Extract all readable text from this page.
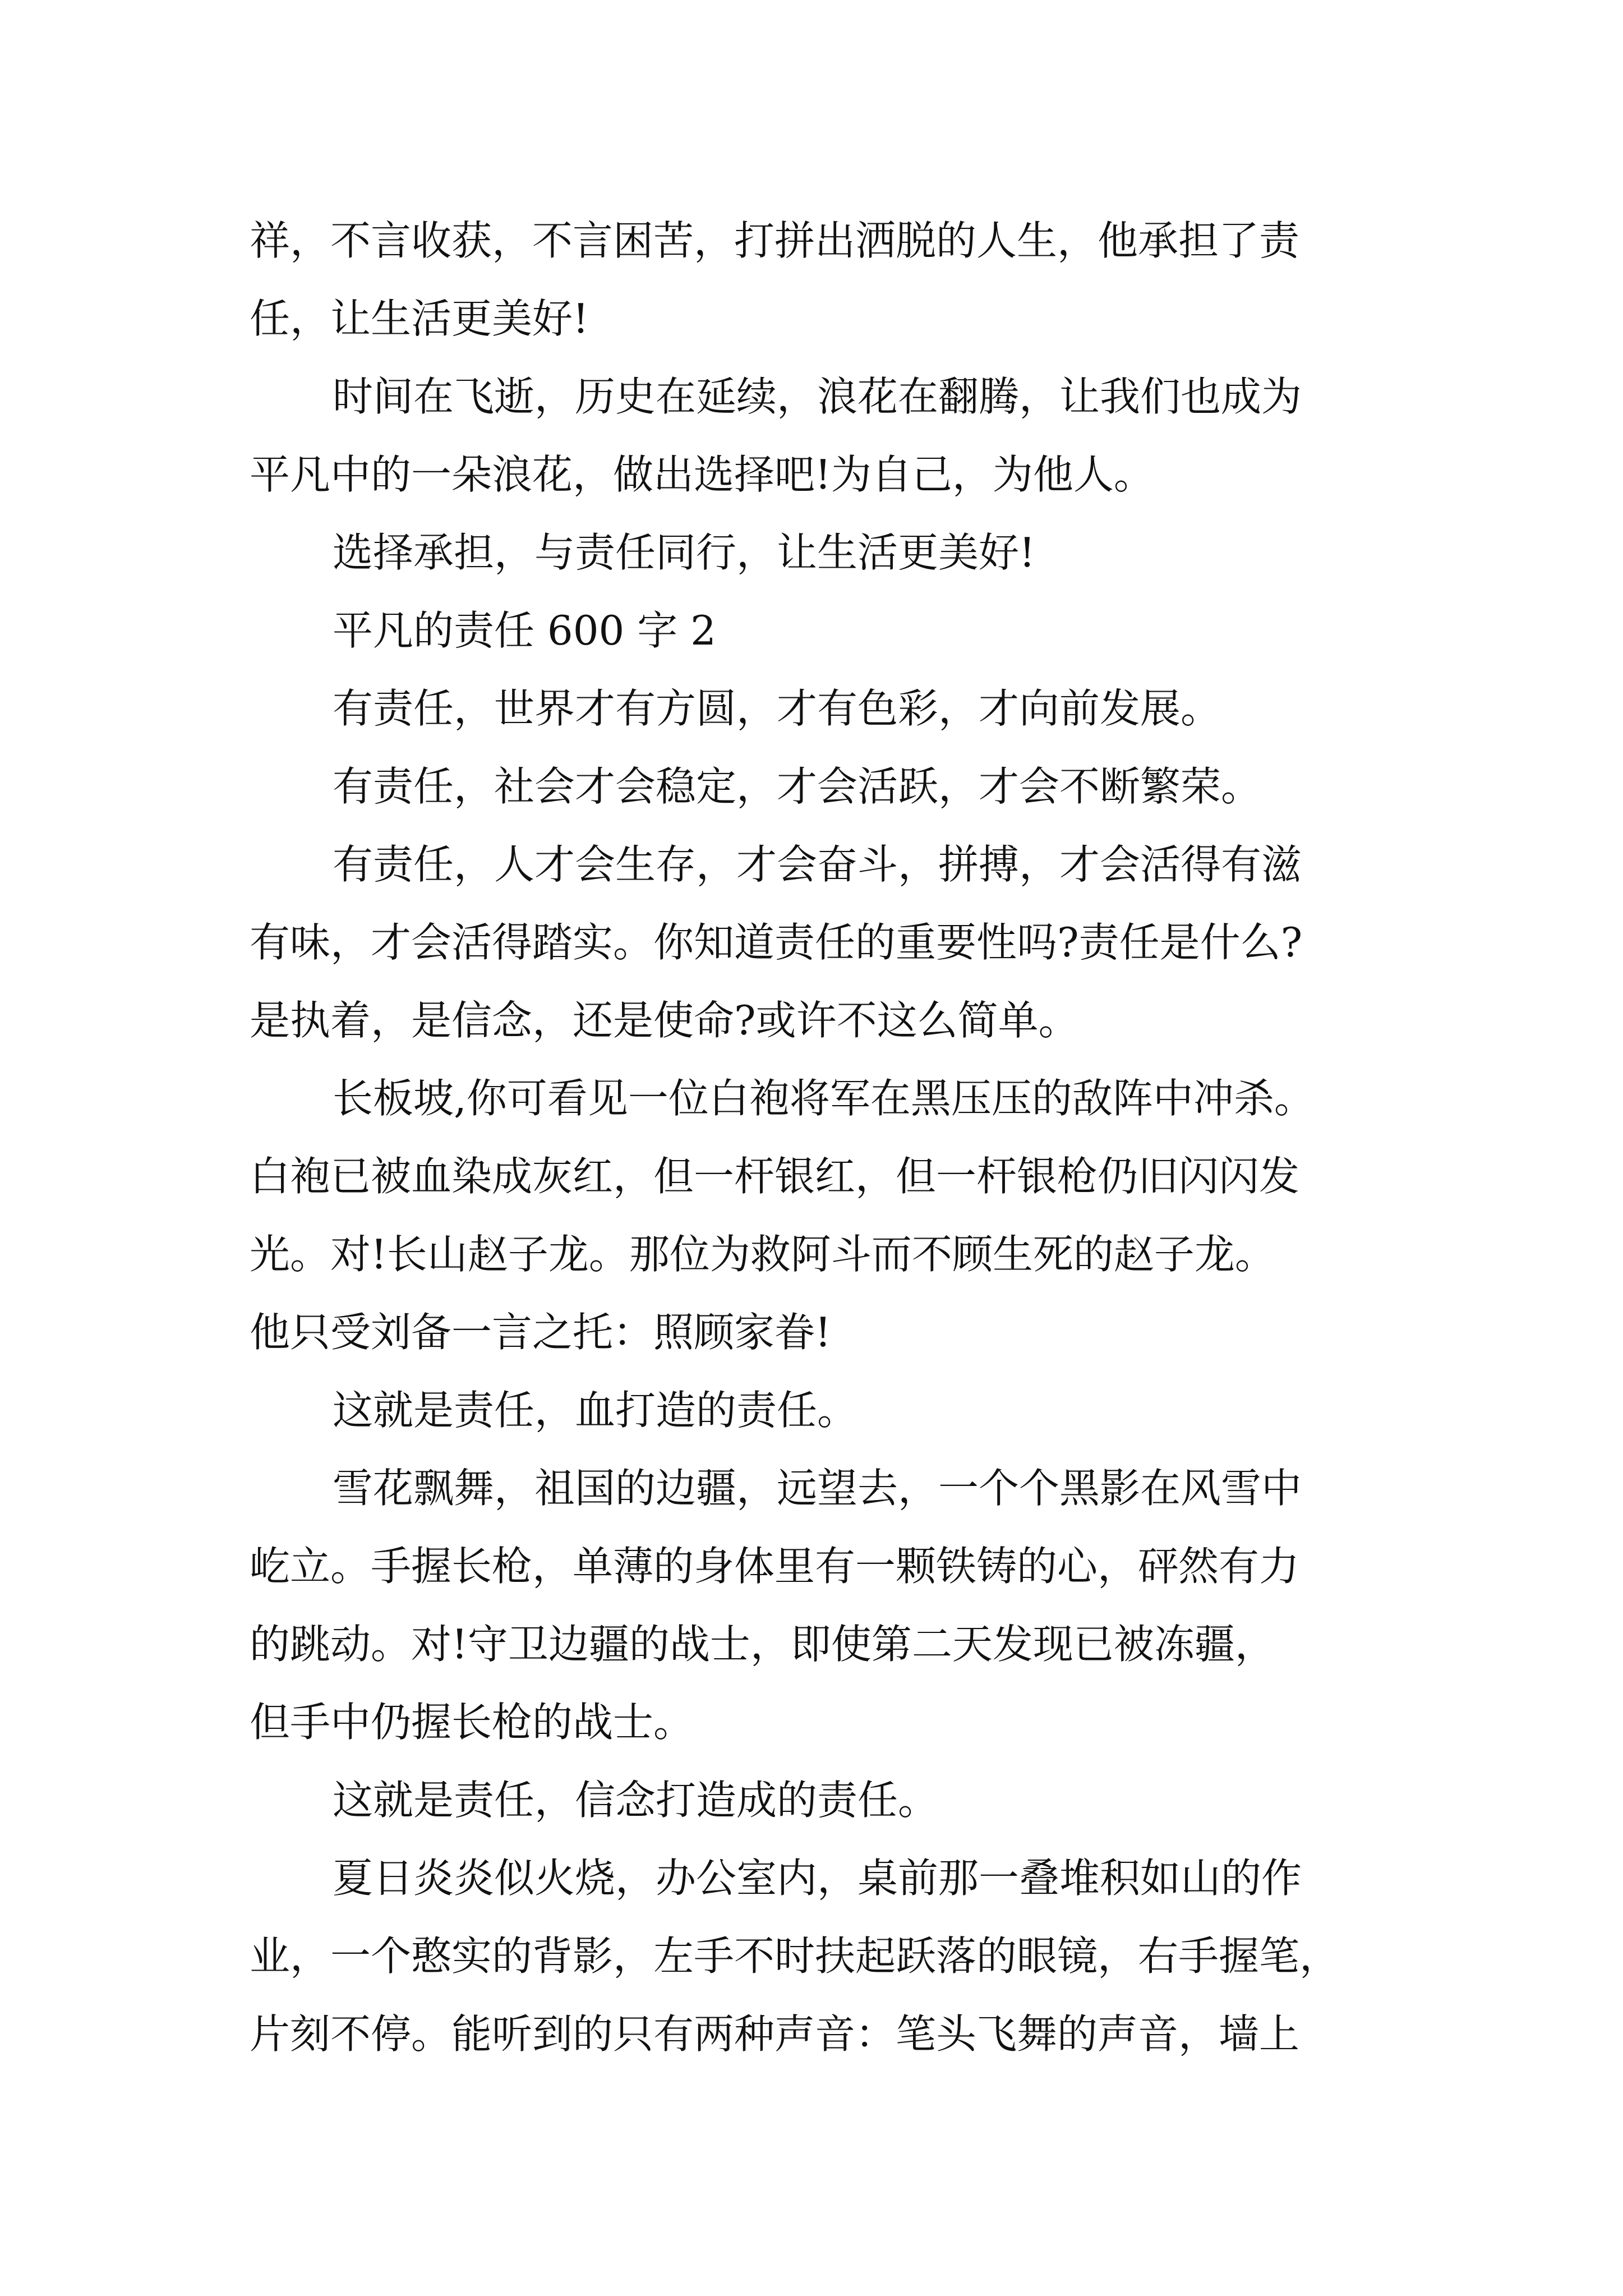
祥，不言收获，不言困苦，打拼出洒脱的人生，他承担了责

任，让生活更美好!

时间在飞逝，历史在延续，浪花在翻腾，让我们也成为

平凡中的一朵浪花，做出选择吧!为自己，为他人。

选择承担，与责任同行，让生活更美好!

平凡的责任 600 字 2

有责任，世界才有方圆，才有色彩，才向前发展。

有责任，社会才会稳定，才会活跃，才会不断繁荣。

有责任，人才会生存，才会奋斗，拼搏，才会活得有滋

有味，才会活得踏实。你知道责任的重要性吗?责任是什么?

是执着，是信念，还是使命?或许不这么简单。

长板坡,你可看见一位白袍将军在黑压压的敌阵中冲杀。

白袍已被血染成灰红，但一杆银红，但一杆银枪仍旧闪闪发

光。对!长山赵子龙。那位为救阿斗而不顾生死的赵子龙。

他只受刘备一言之托：照顾家眷!

这就是责任，血打造的责任。

雪花飘舞，祖国的边疆，远望去，一个个黑影在风雪中

屹立。手握长枪，单薄的身体里有一颗铁铸的心，砰然有力

的跳动。对!守卫边疆的战士，即使第二天发现已被冻疆，

但手中仍握长枪的战士。

这就是责任，信念打造成的责任。

夏日炎炎似火烧，办公室内，桌前那一叠堆积如山的作

业，一个憨实的背影，左手不时扶起跃落的眼镜，右手握笔，

片刻不停。能听到的只有两种声音：笔头飞舞的声音，墙上
